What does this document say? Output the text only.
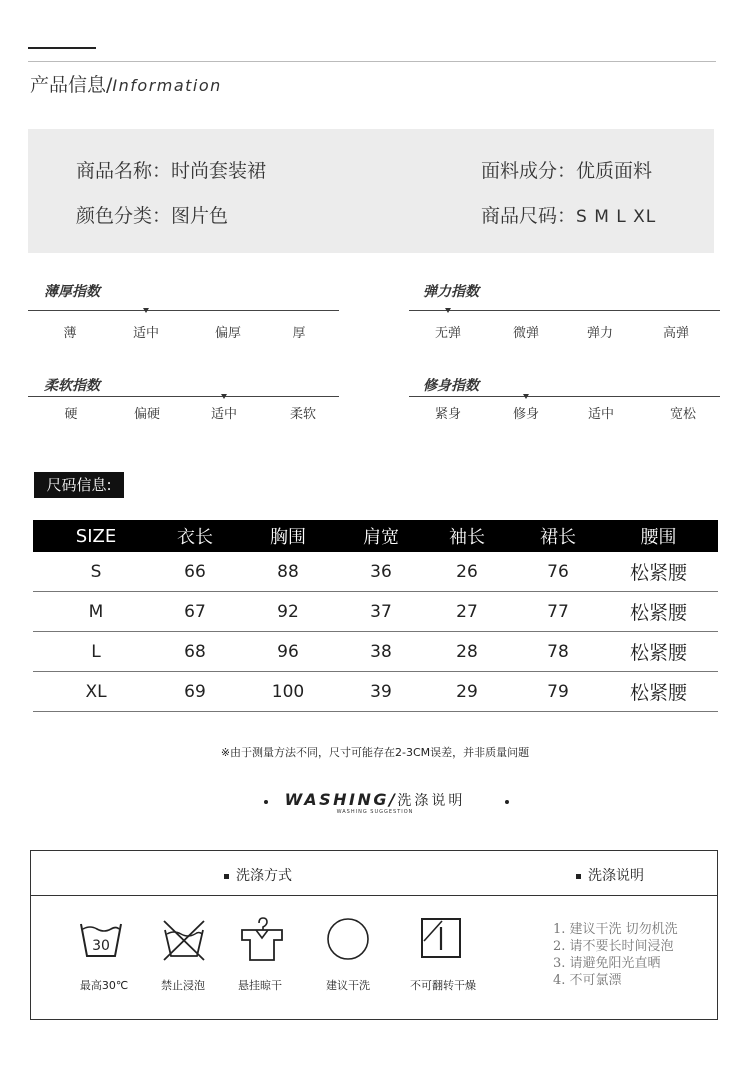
产品信息/Information
商品名称：时尚套装裙	面料成分：优质面料
颜色分类：图片色	商品尺码：S M L XL
薄厚指数
薄	适中	偏厚	厚
弹力指数
无弹	微弹	弹力	高弹
柔软指数
硬	偏硬	适中	柔软
修身指数
紧身	修身	适中	宽松
尺码信息:
SIZE	衣长	胸围	肩宽	袖长	裙长	腰围
S	66	88	36	26	76	松紧腰
M	67	92	37	27	77	松紧腰
L	68	96	38	28	78	松紧腰
XL	69	100	39	29	79	松紧腰
※由于测量方法不同，尺寸可能存在2-3CM误差，并非质量问题
WASHING/洗涤说明
WASHING SUGGESTION
洗涤方式	洗涤说明
30
最高30℃	禁止浸泡	悬挂晾干	建议干洗	不可翻转干燥
1. 建议干洗 切勿机洗
2. 请不要长时间浸泡
3. 请避免阳光直晒
4. 不可氯漂
